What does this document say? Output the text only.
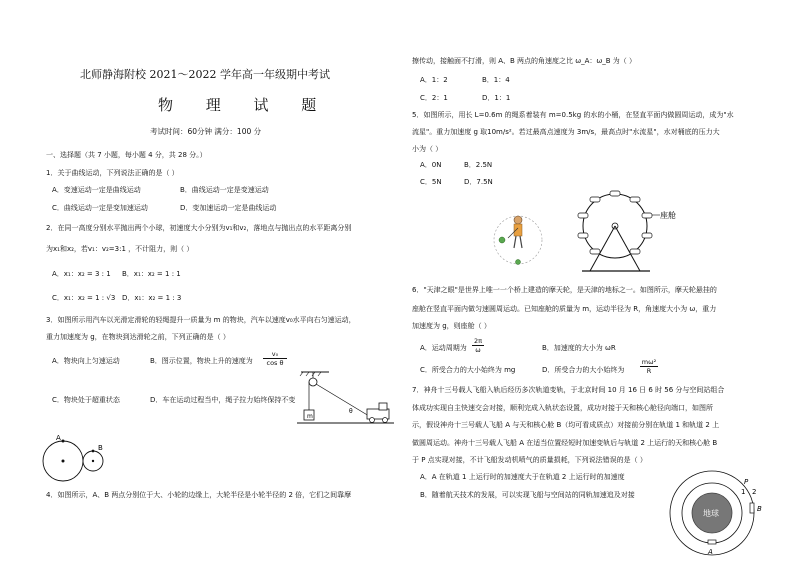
北师静海附校 2021～2022 学年高一年级期中考试
物 理 试 题
考试时间：60分钟 满分：100 分
一、选择题（共 7 小题，每小题 4 分，共 28 分。）
1．关于曲线运动，下列说法正确的是（ ）
A．变速运动一定是曲线运动	B．曲线运动一定是变速运动
C．曲线运动一定是变加速运动	D．变加速运动一定是曲线运动
2．在同一高度分别水平抛出两个小球，初速度大小分别为v₁和v₂，落地点与抛出点的水平距离分别
为x₁和x₂，若v₁：v₂=3:1 ，不计阻力，则（ ）
A．x₁：x₂ = 3 : 1 B．x₁：x₂ = 1 : 1
C．x₁：x₂ = 1 : √3 D．x₁：x₂ = 1 : 3
3．如图所示用汽车以光滑定滑轮的轻绳提升一质量为 m 的物块，汽车以速度v₀水平向右匀速运动，
重力加速度为 g，在物块到达滑轮之前，下列正确的是（ ）
A．物块向上匀速运动	B．图示位置，物块上升的速度为 $\frac{\text{v₀}}{\text{cos θ}}$
C．物块处于超重状态	D．车在运动过程当中，绳子拉力始终保持不变
m
θ
A
B
4．如图所示，A、B 两点分别位于大、小轮的边缘上，大轮半径是小轮半径的 2 倍，它们之间靠摩
擦传动，接触面不打滑，则 A、B 两点的角速度之比 ω_A：ω_B 为（ ）
A．1：2	B．1：4
C．2：1	D．1：1
5．如图所示，用长 L=0.6m 的绳系着装有 m=0.5kg 的水的小桶，在竖直平面内做圆周运动，成为"水
流星"。重力加速度 g 取10m/s²。若过最高点速度为 3m/s，最高点时"水流星"，水对桶底的压力大
小为（ ）
A．0N	B．2.5N
C．5N	D．7.5N
座舱
6．"天津之眼"是世界上唯一一个桥上建造的摩天轮，是天津的地标之一。如图所示，摩天轮悬挂的
座舱在竖直平面内做匀速圆周运动。已知座舱的质量为 m，运动半径为 R，角速度大小为 ω，重力
加速度为 g，则座舱（ ）
A．运动周期为 $\frac{2\pi}{\omega}$	B．加速度的大小为 ωR
C．所受合力的大小始终为 mg	D．所受合力的大小始终为 $\frac{\text{mω²}}{R}$
7．神舟十三号载人飞船入轨后经历多次轨道变轨，于北京时间 10 月 16 日 6 时 56 分与空间站组合
体成功实现自主快速交会对接，顺利完成入轨状态设置，成功对接于天和核心舱径向端口，如图所
示，假设神舟十三号载人飞船 A 与天和核心舱 B（均可看成质点）对接前分别在轨道 1 和轨道 2 上
做圆周运动。神舟十三号载人飞船 A 在适当位置经短时加速变轨后与轨道 2 上运行的天和核心舱 B
于 P 点实现对接，不计飞船发动机喷气的质量损耗，下列说法错误的是（ ）
A．A 在轨道 1 上运行时的加速度大于在轨道 2 上运行时的加速度
B．随着航天技术的发展，可以实现飞船与空间站的同轨加速追及对接
地球	B
A
P
1 2
